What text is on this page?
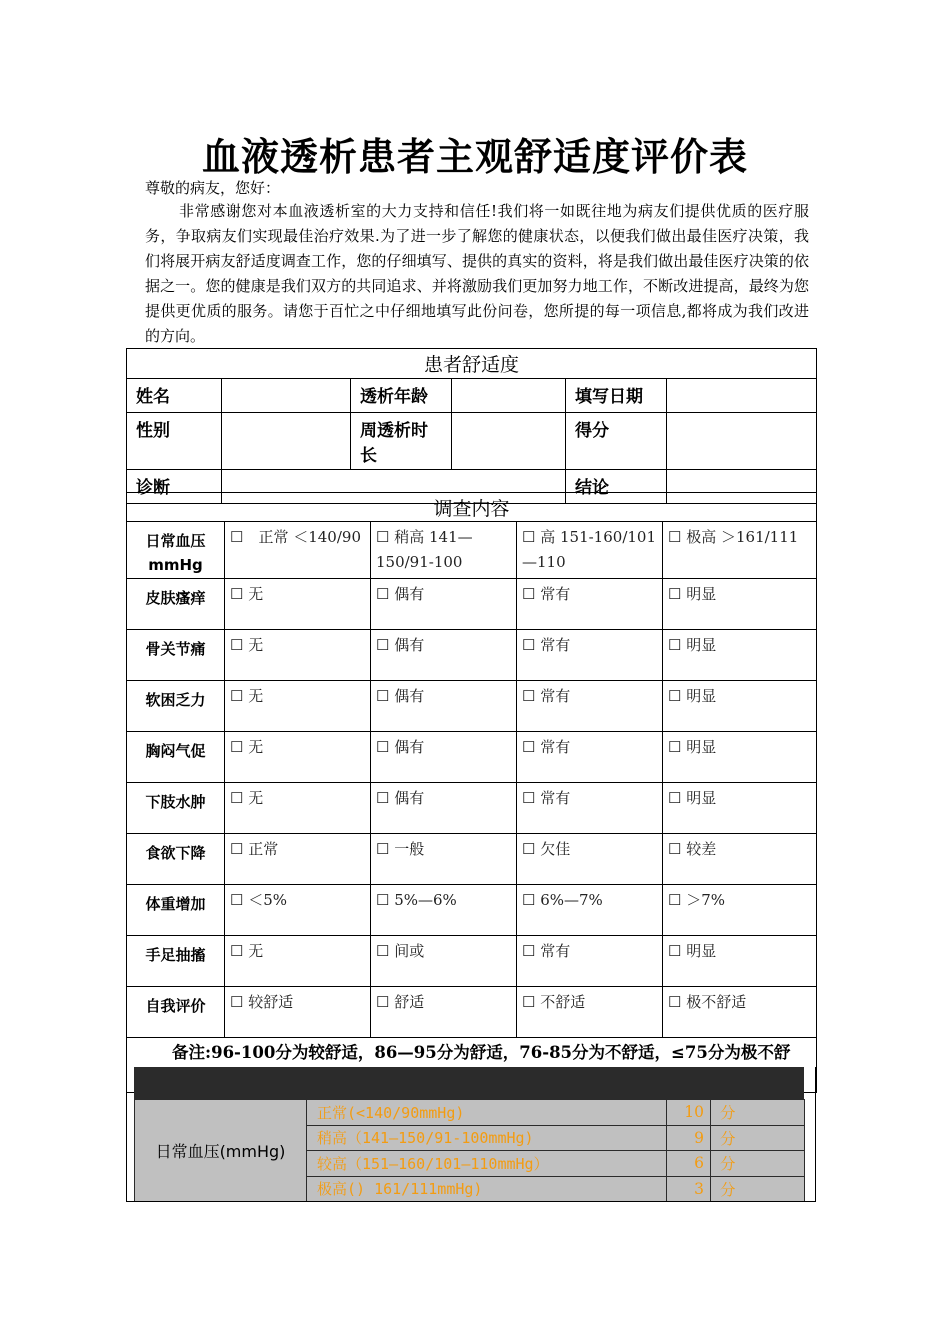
血液透析患者主观舒适度评价表
尊敬的病友，您好：
非常感谢您对本血液透析室的大力支持和信任!我们将一如既往地为病友们提供优质的医疗服务，争取病友们实现最佳治疗效果.为了进一步了解您的健康状态，以便我们做出最佳医疗决策，我们将展开病友舒适度调查工作，您的仔细填写、提供的真实的资料，将是我们做出最佳医疗决策的依据之一。您的健康是我们双方的共同追求、并将激励我们更加努力地工作，不断改进提高，最终为您提供更优质的服务。请您于百忙之中仔细地填写此份问卷，您所提的每一项信息,都将成为我们改进的方向。
患者舒适度					
姓名		透析年龄		填写日期	
性别		周透析时长		得分	
诊断				结论	
调查内容				
日常血压mmHg	☐　正常 ＜140/90	☐ 稍高 141—150/91-100	☐ 高 151-160/101—110	☐ 极高 ＞161/111
皮肤瘙痒	☐ 无	☐ 偶有	☐ 常有	☐ 明显
骨关节痛	☐ 无	☐ 偶有	☐ 常有	☐ 明显
软困乏力	☐ 无	☐ 偶有	☐ 常有	☐ 明显
胸闷气促	☐ 无	☐ 偶有	☐ 常有	☐ 明显
下肢水肿	☐ 无	☐ 偶有	☐ 常有	☐ 明显
食欲下降	☐ 正常	☐ 一般	☐ 欠佳	☐ 较差
体重增加	☐ ＜5%	☐ 5%—6%	☐ 6%—7%	☐ ＞7%
手足抽搐	☐ 无	☐ 间或	☐ 常有	☐ 明显
自我评价	☐ 较舒适	☐ 舒适	☐ 不舒适	☐ 极不舒适
备注:96-100分为较舒适，86—95分为舒适，76-85分为不舒适，≤75分为极不舒				
日常血压(mmHg)	正常(<140/90mmHg)	10	分
	稍高（141—150/91-100mmHg)	9	分
	较高（151—160/101—110mmHg）	6	分
	极高() 161/111mmHg)	3	分
